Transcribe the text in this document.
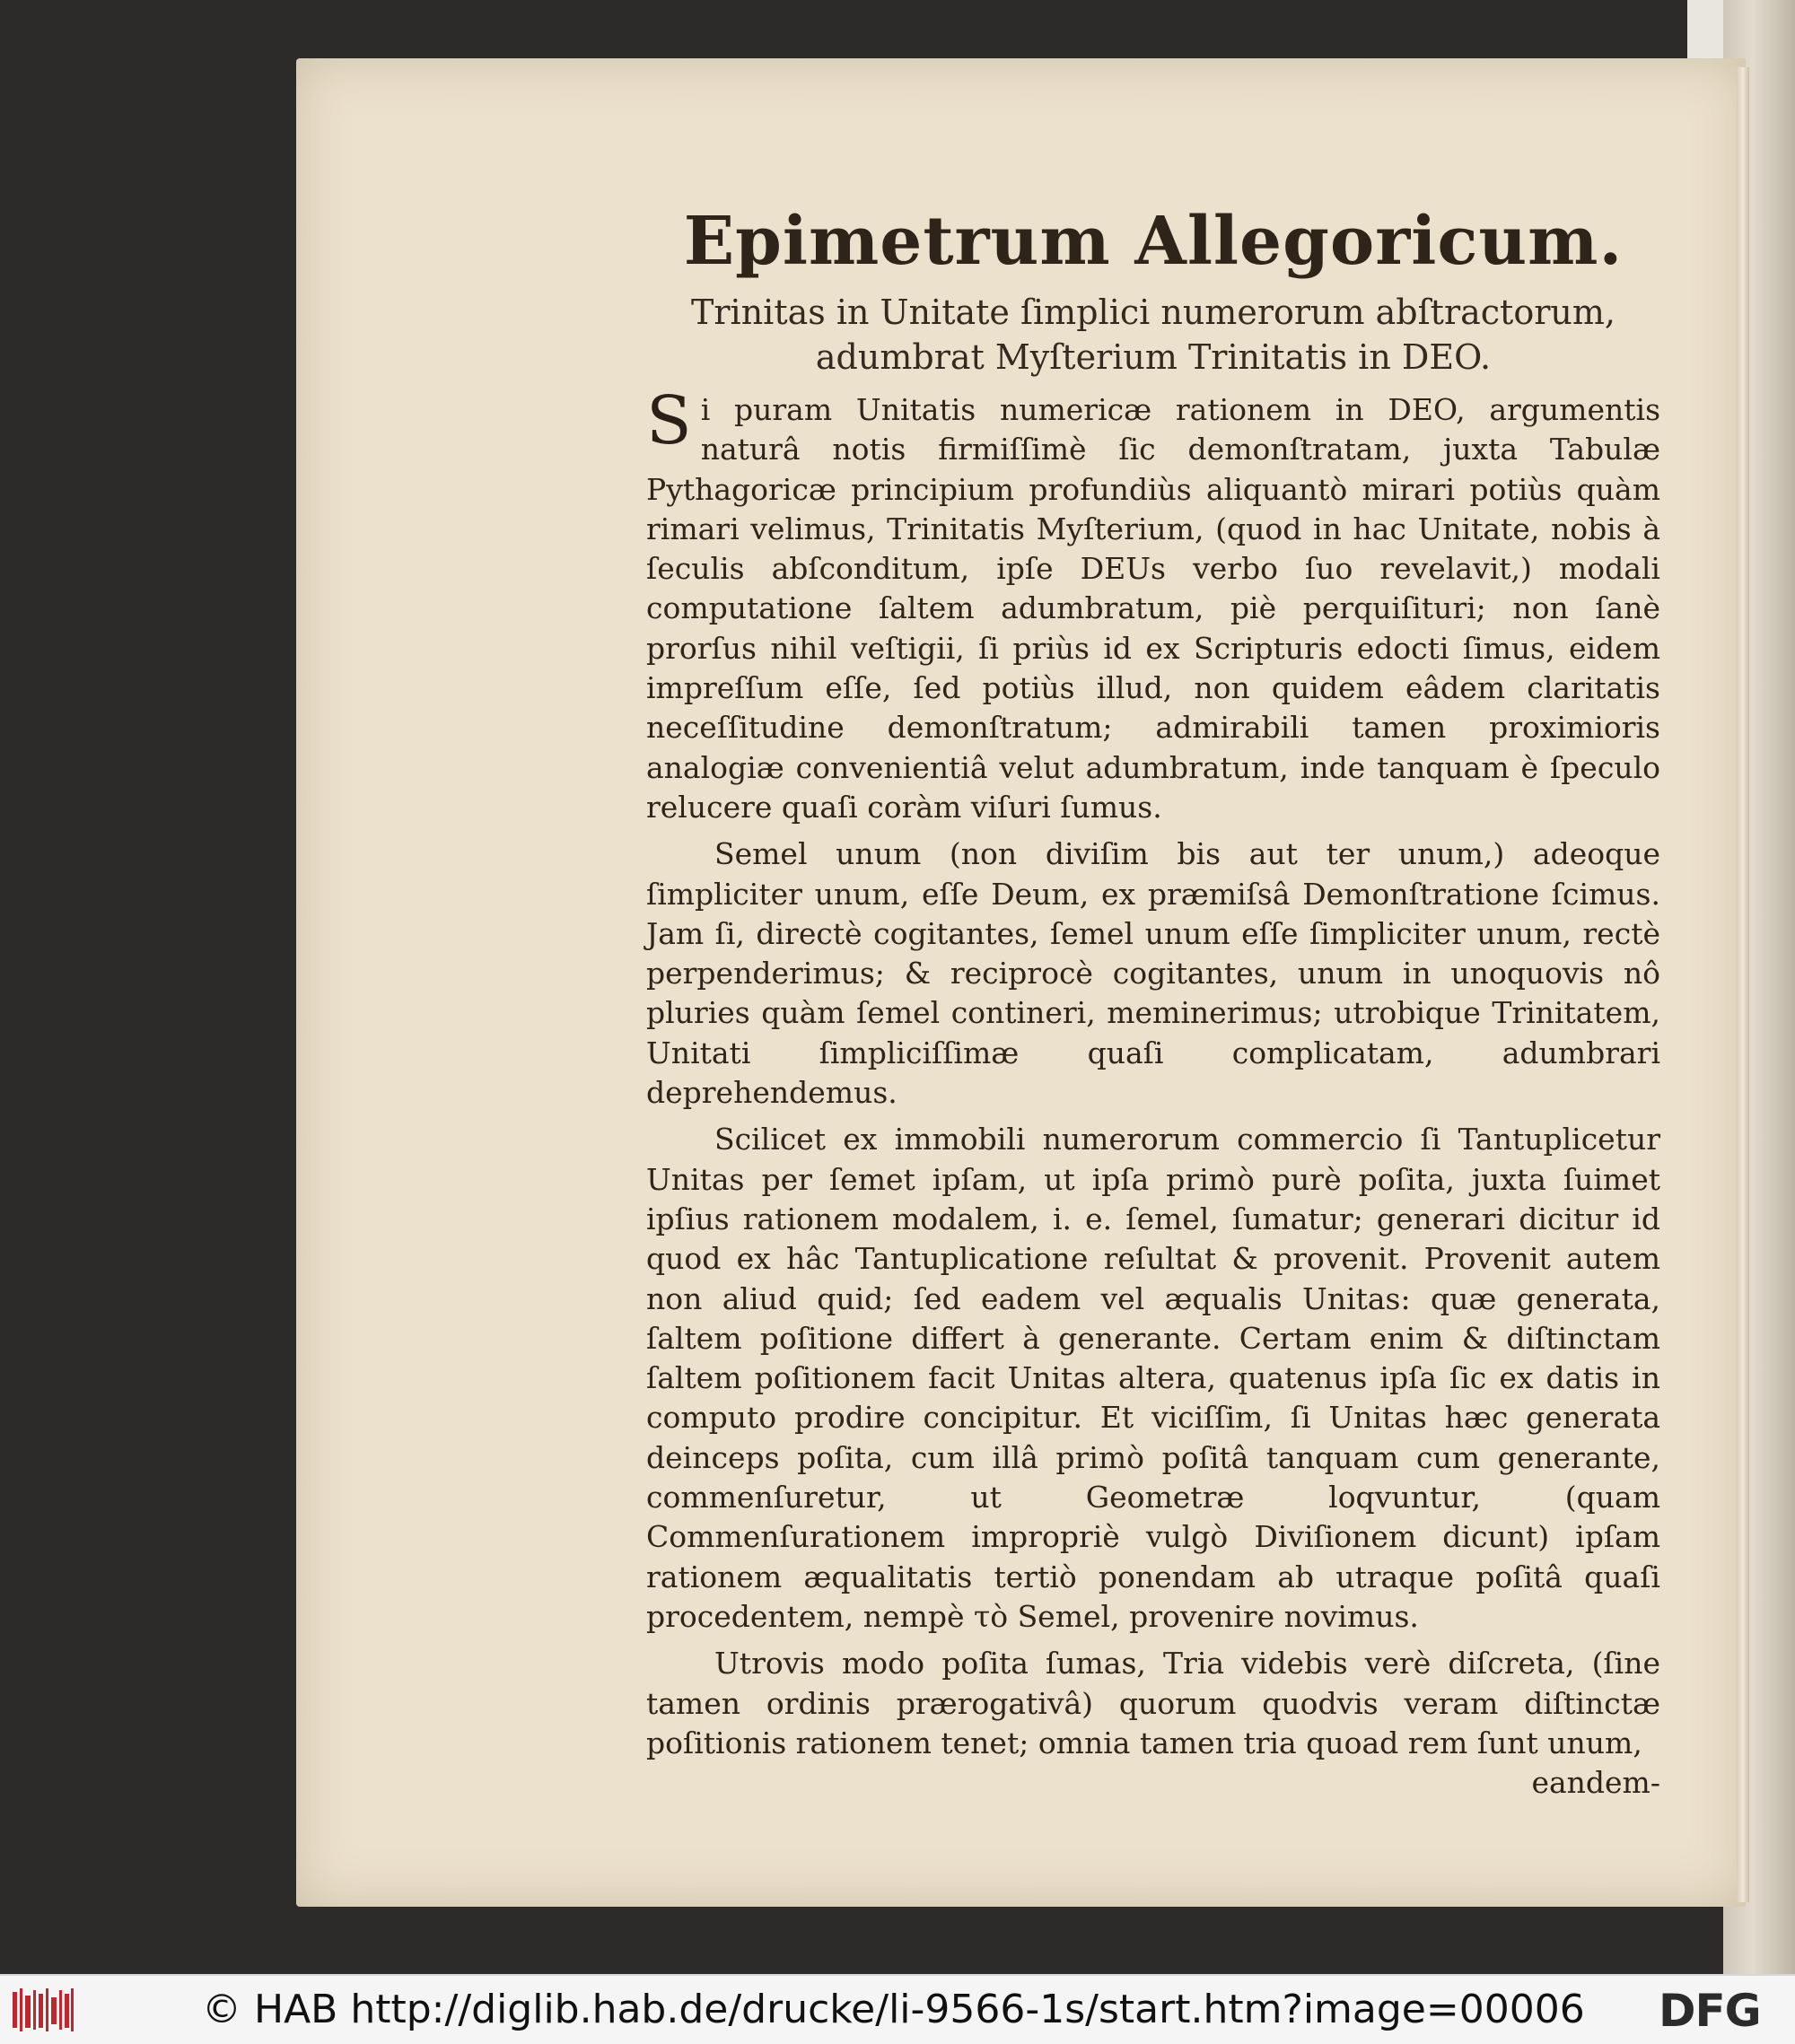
Epimetrum Allegoricum.
Trinitas in Unitate ſimplici numerorum abſtractorum,
adumbrat Myſterium Trinitatis in DEO.

Si puram Unitatis numericæ rationem in DEO, argumentis naturâ notis firmiſſimè ſic demonſtratam, juxta Tabulæ Pythagoricæ principium profundiùs aliquantò mirari potiùs quàm rimari velimus, Trinitatis Myſterium, (quod in hac Unitate, nobis à ſeculis abſconditum, ipſe DEUs verbo ſuo revelavit,) modali computatione ſaltem adumbratum, piè perquiſituri; non ſanè prorſus nihil veſtigii, ſi priùs id ex Scripturis edocti ſimus, eidem impreſſum eſſe, ſed potiùs illud, non quidem eâdem claritatis neceſſitudine demonſtratum; admirabili tamen proximioris analogiæ convenientiâ velut adumbratum, inde tanquam è ſpeculo relucere quaſi coràm viſuri ſumus.

Semel unum (non diviſim bis aut ter unum,) adeoque ſimpliciter unum, eſſe Deum, ex præmiſsâ Demonſtratione ſcimus. Jam ſi, directè cogitantes, ſemel unum eſſe ſimpliciter unum, rectè perpenderimus; & reciprocè cogitantes, unum in unoquovis nô pluries quàm ſemel contineri, meminerimus; utrobique Trinitatem, Unitati ſimpliciſſimæ quaſi complicatam, adumbrari deprehendemus.

Scilicet ex immobili numerorum commercio ſi Tantuplicetur Unitas per ſemet ipſam, ut ipſa primò purè poſita, juxta ſuimet ipſius rationem modalem, i. e. ſemel, ſumatur; generari dicitur id quod ex hâc Tantuplicatione reſultat & provenit. Provenit autem non aliud quid; ſed eadem vel æqualis Unitas: quæ generata, ſaltem poſitione differt à generante. Certam enim & diſtinctam ſaltem poſitionem facit Unitas altera, quatenus ipſa ſic ex datis in computo prodire concipitur. Et viciſſim, ſi Unitas hæc generata deinceps poſita, cum illâ primò poſitâ tanquam cum generante, commenſuretur, ut Geometræ loqvuntur, (quam Commenſurationem impropriè vulgò Diviſionem dicunt) ipſam rationem æqualitatis tertiò ponendam ab utraque poſitâ quaſi procedentem, nempè τὸ Semel, provenire novimus.

Utrovis modo poſita ſumas, Tria videbis verè diſcreta, (ſine tamen ordinis prærogativâ) quorum quodvis veram diſtinctæ poſitionis rationem tenet; omnia tamen tria quoad rem ſunt unum,

eandem-
© HAB http://diglib.hab.de/drucke/li-9566-1s/start.htm?image=00006 DFG
